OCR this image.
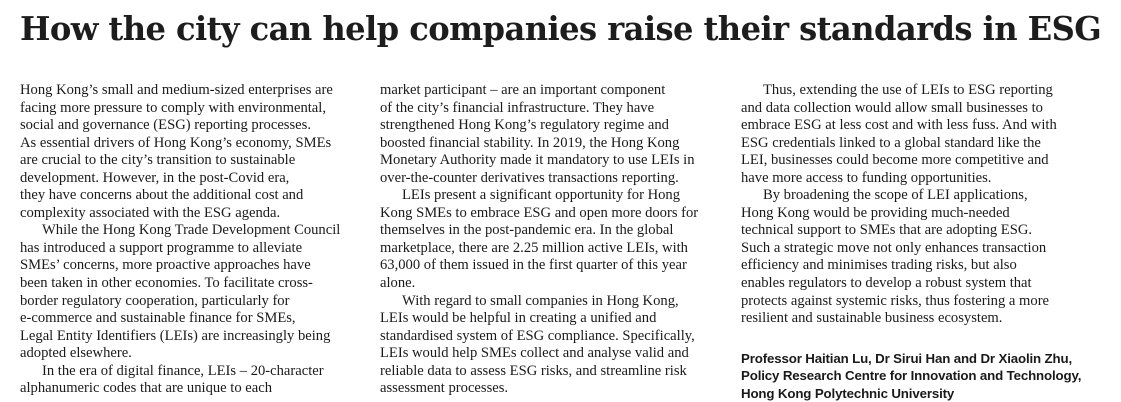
How the city can help companies raise their standards in ESG
Hong Kong’s small and medium-sized enterprises are
facing more pressure to comply with environmental,
social and governance (ESG) reporting processes.
As essential drivers of Hong Kong’s economy, SMEs
are crucial to the city’s transition to sustainable
development. However, in the post-Covid era,
they have concerns about the additional cost and
complexity associated with the ESG agenda.
While the Hong Kong Trade Development Council
has introduced a support programme to alleviate
SMEs’ concerns, more proactive approaches have
been taken in other economies. To facilitate cross-
border regulatory cooperation, particularly for
e-commerce and sustainable finance for SMEs,
Legal Entity Identifiers (LEIs) are increasingly being
adopted elsewhere.
In the era of digital finance, LEIs – 20-character
alphanumeric codes that are unique to each
market participant – are an important component
of the city’s financial infrastructure. They have
strengthened Hong Kong’s regulatory regime and
boosted financial stability. In 2019, the Hong Kong
Monetary Authority made it mandatory to use LEIs in
over-the-counter derivatives transactions reporting.
LEIs present a significant opportunity for Hong
Kong SMEs to embrace ESG and open more doors for
themselves in the post-pandemic era. In the global
marketplace, there are 2.25 million active LEIs, with
63,000 of them issued in the first quarter of this year
alone.
With regard to small companies in Hong Kong,
LEIs would be helpful in creating a unified and
standardised system of ESG compliance. Specifically,
LEIs would help SMEs collect and analyse valid and
reliable data to assess ESG risks, and streamline risk
assessment processes.
Thus, extending the use of LEIs to ESG reporting
and data collection would allow small businesses to
embrace ESG at less cost and with less fuss. And with
ESG credentials linked to a global standard like the
LEI, businesses could become more competitive and
have more access to funding opportunities.
By broadening the scope of LEI applications,
Hong Kong would be providing much-needed
technical support to SMEs that are adopting ESG.
Such a strategic move not only enhances transaction
efficiency and minimises trading risks, but also
enables regulators to develop a robust system that
protects against systemic risks, thus fostering a more
resilient and sustainable business ecosystem.
Professor Haitian Lu, Dr Sirui Han and Dr Xiaolin Zhu,
Policy Research Centre for Innovation and Technology,
Hong Kong Polytechnic University
